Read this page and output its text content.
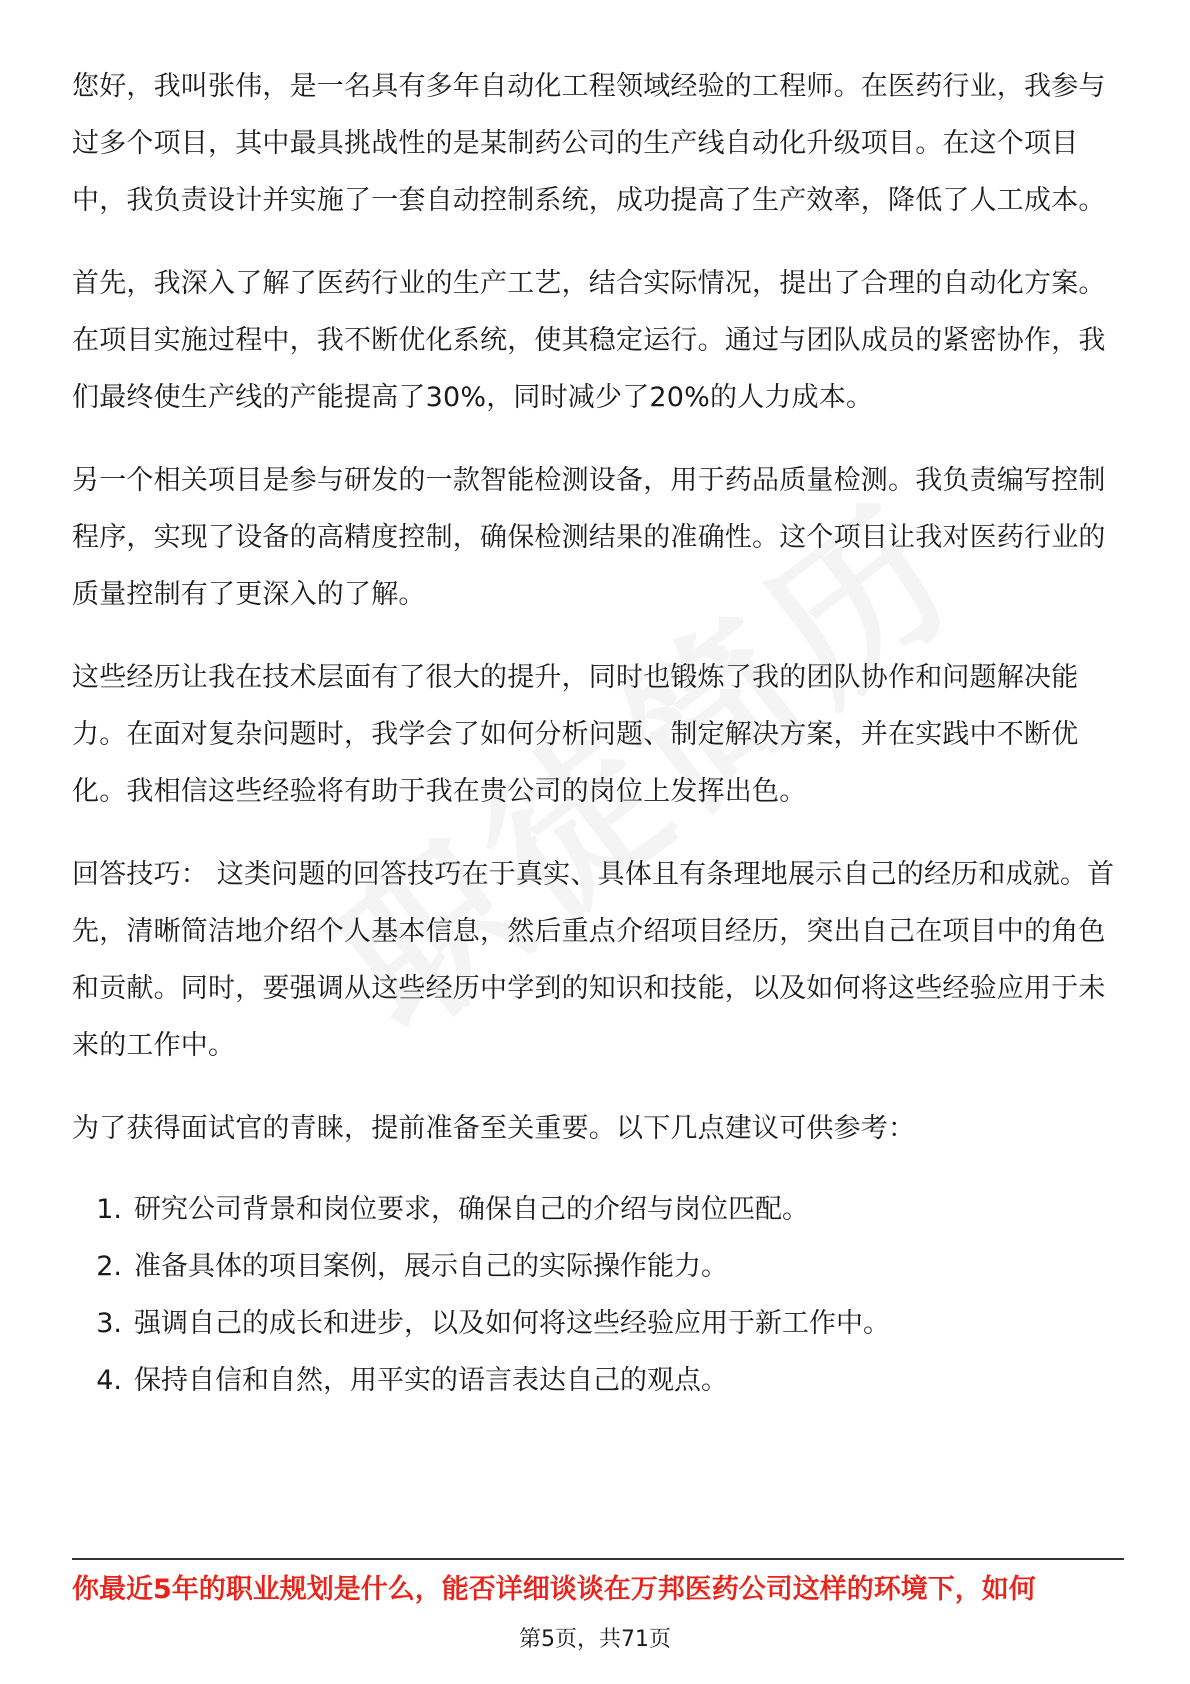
您好，我叫张伟，是一名具有多年自动化工程领域经验的工程师。在医药行业，我参与过多个项目，其中最具挑战性的是某制药公司的生产线自动化升级项目。在这个项目中，我负责设计并实施了一套自动控制系统，成功提高了生产效率，降低了人工成本。

首先，我深入了解了医药行业的生产工艺，结合实际情况，提出了合理的自动化方案。在项目实施过程中，我不断优化系统，使其稳定运行。通过与团队成员的紧密协作，我们最终使生产线的产能提高了30%，同时减少了20%的人力成本。

另一个相关项目是参与研发的一款智能检测设备，用于药品质量检测。我负责编写控制程序，实现了设备的高精度控制，确保检测结果的准确性。这个项目让我对医药行业的质量控制有了更深入的了解。

这些经历让我在技术层面有了很大的提升，同时也锻炼了我的团队协作和问题解决能力。在面对复杂问题时，我学会了如何分析问题、制定解决方案，并在实践中不断优化。我相信这些经验将有助于我在贵公司的岗位上发挥出色。

回答技巧： 这类问题的回答技巧在于真实、具体且有条理地展示自己的经历和成就。首先，清晰简洁地介绍个人基本信息，然后重点介绍项目经历，突出自己在项目中的角色和贡献。同时，要强调从这些经历中学到的知识和技能，以及如何将这些经验应用于未来的工作中。

为了获得面试官的青睐，提前准备至关重要。以下几点建议可供参考：

1. 研究公司背景和岗位要求，确保自己的介绍与岗位匹配。
2. 准备具体的项目案例，展示自己的实际操作能力。
3. 强调自己的成长和进步，以及如何将这些经验应用于新工作中。
4. 保持自信和自然，用平实的语言表达自己的观点。
你最近5年的职业规划是什么，能否详细谈谈在万邦医药公司这样的环境下，如何
第5页，共71页
